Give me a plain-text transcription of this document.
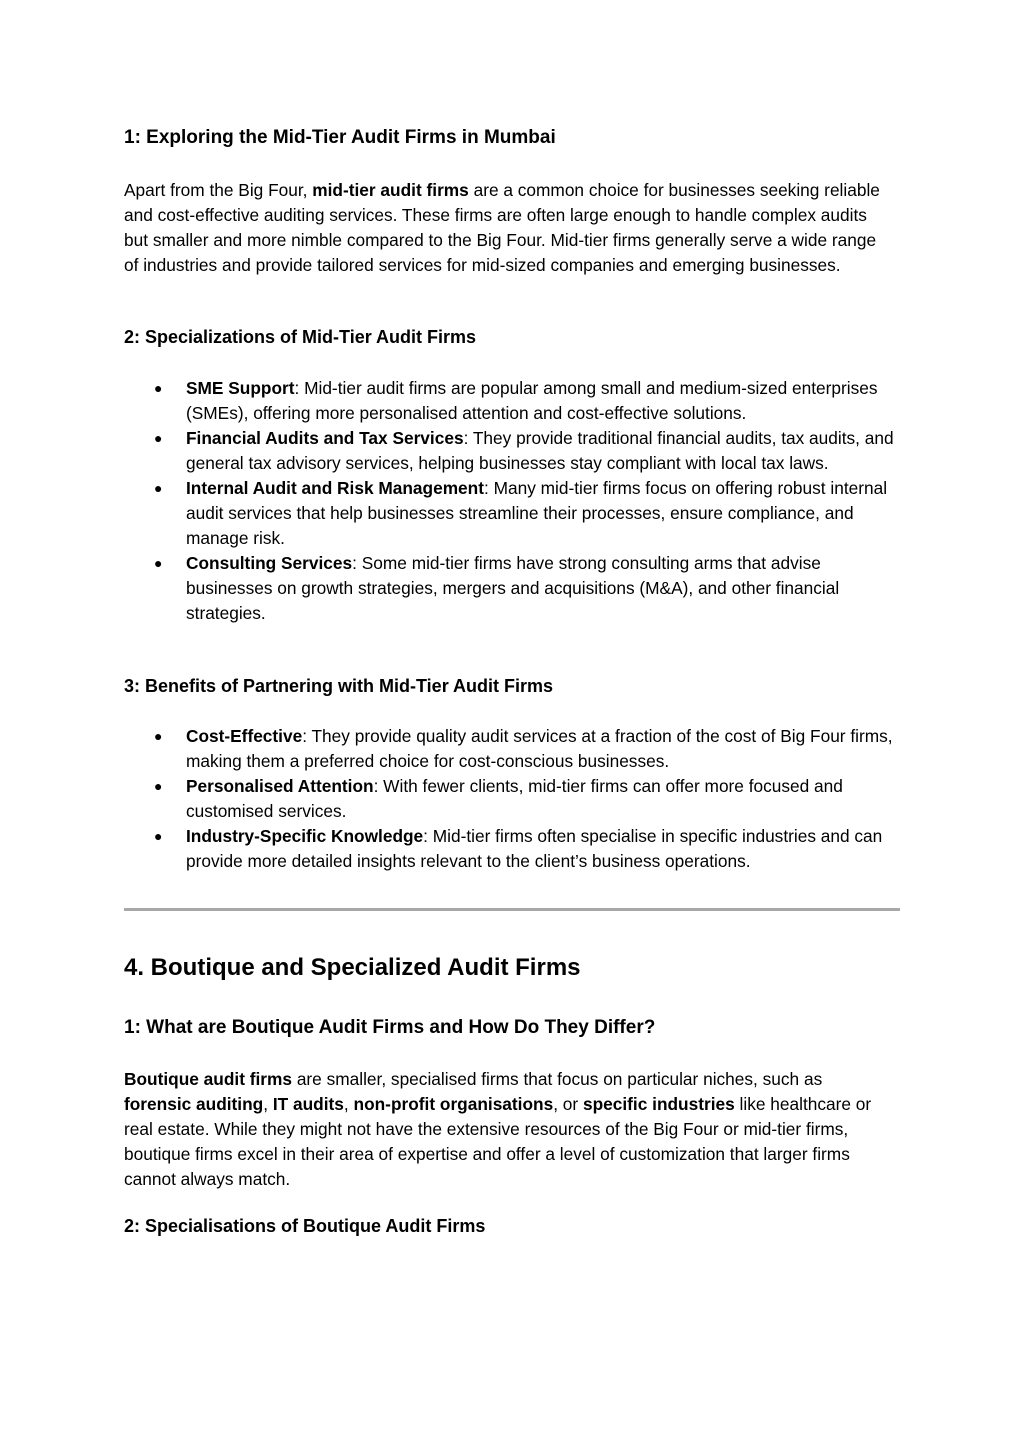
1: Exploring the Mid-Tier Audit Firms in Mumbai

Apart from the Big Four, mid-tier audit firms are a common choice for businesses seeking reliable and cost-effective auditing services. These firms are often large enough to handle complex audits but smaller and more nimble compared to the Big Four. Mid-tier firms generally serve a wide range of industries and provide tailored services for mid-sized companies and emerging businesses.

2: Specializations of Mid-Tier Audit Firms
● SME Support: Mid-tier audit firms are popular among small and medium-sized enterprises (SMEs), offering more personalised attention and cost-effective solutions.
● Financial Audits and Tax Services: They provide traditional financial audits, tax audits, and general tax advisory services, helping businesses stay compliant with local tax laws.
● Internal Audit and Risk Management: Many mid-tier firms focus on offering robust internal audit services that help businesses streamline their processes, ensure compliance, and manage risk.
● Consulting Services: Some mid-tier firms have strong consulting arms that advise businesses on growth strategies, mergers and acquisitions (M&A), and other financial strategies.
3: Benefits of Partnering with Mid-Tier Audit Firms
● Cost-Effective: They provide quality audit services at a fraction of the cost of Big Four firms, making them a preferred choice for cost-conscious businesses.
● Personalised Attention: With fewer clients, mid-tier firms can offer more focused and customised services.
● Industry-Specific Knowledge: Mid-tier firms often specialise in specific industries and can provide more detailed insights relevant to the client’s business operations.
4. Boutique and Specialized Audit Firms
1: What are Boutique Audit Firms and How Do They Differ?

Boutique audit firms are smaller, specialised firms that focus on particular niches, such as forensic auditing, IT audits, non-profit organisations, or specific industries like healthcare or real estate. While they might not have the extensive resources of the Big Four or mid-tier firms, boutique firms excel in their area of expertise and offer a level of customization that larger firms cannot always match.

2: Specialisations of Boutique Audit Firms
